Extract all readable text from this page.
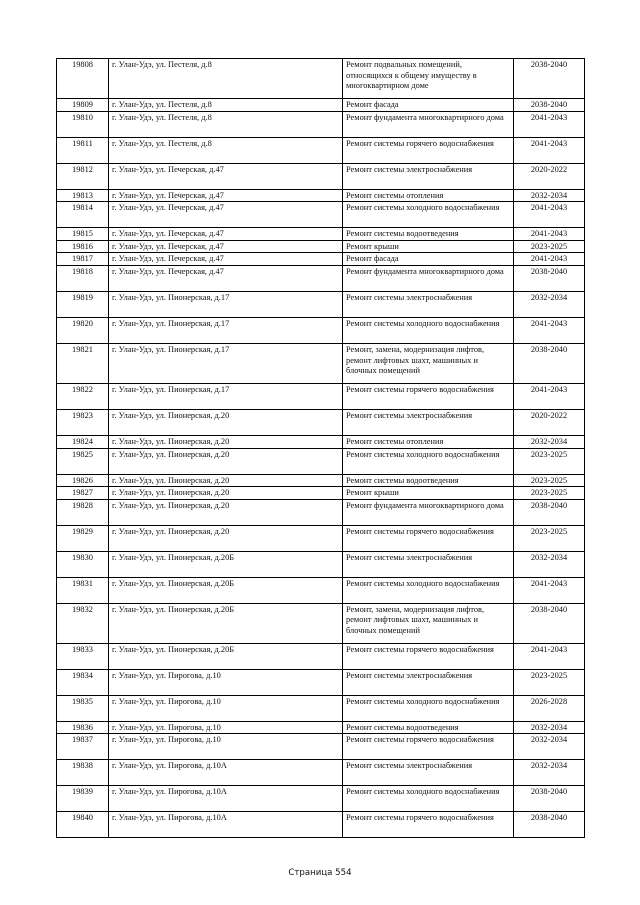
19808	г. Улан-Удэ, ул. Пестеля, д.8	Ремонт подвальных помещений, относящихся к общему имуществу в многоквартирном доме	2038-2040
19809	г. Улан-Удэ, ул. Пестеля, д.8	Ремонт фасада	2038-2040
19810	г. Улан-Удэ, ул. Пестеля, д.8	Ремонт фундамента многоквартирного дома	2041-2043
19811	г. Улан-Удэ, ул. Пестеля, д.8	Ремонт системы горячего водоснабжения	2041-2043
19812	г. Улан-Удэ, ул. Печерская, д.47	Ремонт системы электроснабжения	2020-2022
19813	г. Улан-Удэ, ул. Печерская, д.47	Ремонт системы отопления	2032-2034
19814	г. Улан-Удэ, ул. Печерская, д.47	Ремонт системы холодного водоснабжения	2041-2043
19815	г. Улан-Удэ, ул. Печерская, д.47	Ремонт системы водоотведения	2041-2043
19816	г. Улан-Удэ, ул. Печерская, д.47	Ремонт крыши	2023-2025
19817	г. Улан-Удэ, ул. Печерская, д.47	Ремонт фасада	2041-2043
19818	г. Улан-Удэ, ул. Печерская, д.47	Ремонт фундамента многоквартирного дома	2038-2040
19819	г. Улан-Удэ, ул. Пионерская, д.17	Ремонт системы электроснабжения	2032-2034
19820	г. Улан-Удэ, ул. Пионерская, д.17	Ремонт системы холодного водоснабжения	2041-2043
19821	г. Улан-Удэ, ул. Пионерская, д.17	Ремонт, замена, модернизация лифтов, ремонт лифтовых шахт, машинных и блочных помещений	2038-2040
19822	г. Улан-Удэ, ул. Пионерская, д.17	Ремонт системы горячего водоснабжения	2041-2043
19823	г. Улан-Удэ, ул. Пионерская, д.20	Ремонт системы электроснабжения	2020-2022
19824	г. Улан-Удэ, ул. Пионерская, д.20	Ремонт системы отопления	2032-2034
19825	г. Улан-Удэ, ул. Пионерская, д.20	Ремонт системы холодного водоснабжения	2023-2025
19826	г. Улан-Удэ, ул. Пионерская, д.20	Ремонт системы водоотведения	2023-2025
19827	г. Улан-Удэ, ул. Пионерская, д.20	Ремонт крыши	2023-2025
19828	г. Улан-Удэ, ул. Пионерская, д.20	Ремонт фундамента многоквартирного дома	2038-2040
19829	г. Улан-Удэ, ул. Пионерская, д.20	Ремонт системы горячего водоснабжения	2023-2025
19830	г. Улан-Удэ, ул. Пионерская, д.20Б	Ремонт системы электроснабжения	2032-2034
19831	г. Улан-Удэ, ул. Пионерская, д.20Б	Ремонт системы холодного водоснабжения	2041-2043
19832	г. Улан-Удэ, ул. Пионерская, д.20Б	Ремонт, замена, модернизация лифтов, ремонт лифтовых шахт, машинных и блочных помещений	2038-2040
19833	г. Улан-Удэ, ул. Пионерская, д.20Б	Ремонт системы горячего водоснабжения	2041-2043
19834	г. Улан-Удэ, ул. Пирогова, д.10	Ремонт системы электроснабжения	2023-2025
19835	г. Улан-Удэ, ул. Пирогова, д.10	Ремонт системы холодного водоснабжения	2026-2028
19836	г. Улан-Удэ, ул. Пирогова, д.10	Ремонт системы водоотведения	2032-2034
19837	г. Улан-Удэ, ул. Пирогова, д.10	Ремонт системы горячего водоснабжения	2032-2034
19838	г. Улан-Удэ, ул. Пирогова, д.10А	Ремонт системы электроснабжения	2032-2034
19839	г. Улан-Удэ, ул. Пирогова, д.10А	Ремонт системы холодного водоснабжения	2038-2040
19840	г. Улан-Удэ, ул. Пирогова, д.10А	Ремонт системы горячего водоснабжения	2038-2040
Страница 554
